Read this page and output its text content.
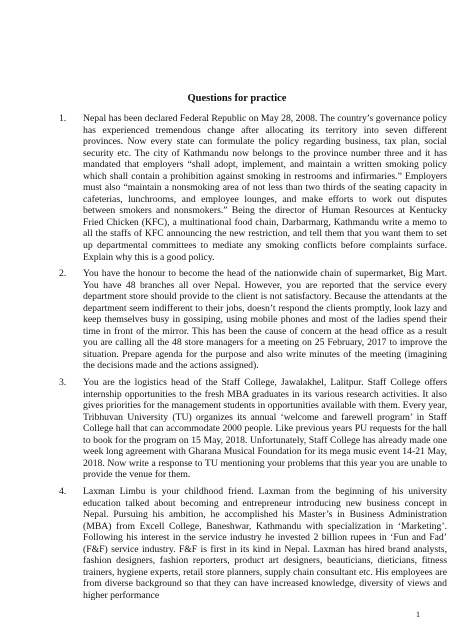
Questions for practice
1.	Nepal has been declared Federal Republic on May 28, 2008. The country’s governance policy has experienced tremendous change after allocating its territory into seven different provinces. Now every state can formulate the policy regarding business, tax plan, social security etc. The city of Kathmandu now belongs to the province number three and it has mandated that employers “shall adopt, implement, and maintain a written smoking policy which shall contain a prohibition against smoking in restrooms and infirmaries.” Employers must also “maintain a nonsmoking area of not less than two thirds of the seating capacity in cafeterias, lunchrooms, and employee lounges, and make efforts to work out disputes between smokers and nonsmokers.” Being the director of Human Resources at Kentucky Fried Chicken (KFC), a multinational food chain, Darbarmarg, Kathmandu write a memo to all the staffs of KFC announcing the new restriction, and tell them that you want them to set up departmental committees to mediate any smoking conflicts before complaints surface. Explain why this is a good policy.
2.	You have the honour to become the head of the nationwide chain of supermarket, Big Mart. You have 48 branches all over Nepal. However, you are reported that the service every department store should provide to the client is not satisfactory. Because the attendants at the department seem indifferent to their jobs, doesn’t respond the clients promptly, look lazy and keep themselves busy in gossiping, using mobile phones and most of the ladies spend their time in front of the mirror. This has been the cause of concern at the head office as a result you are calling all the 48 store managers for a meeting on 25 February, 2017 to improve the situation. Prepare agenda for the purpose and also write minutes of the meeting (imagining the decisions made and the actions assigned).
3.	You are the logistics head of the Staff College, Jawalakhel, Lalitpur. Staff College offers internship opportunities to the fresh MBA graduates in its various research activities. It also gives priorities for the management students in opportunities available with them. Every year, Tribhuvan University (TU) organizes its annual ‘welcome and farewell program’ in Staff College hall that can accommodate 2000 people. Like previous years PU requests for the hall to book for the program on 15 May, 2018. Unfortunately, Staff College has already made one week long agreement with Gharana Musical Foundation for its mega music event 14-21 May, 2018. Now write a response to TU mentioning your problems that this year you are unable to provide the venue for them.
4.	Laxman Limbu is your childhood friend. Laxman from the beginning of his university education talked about becoming and entrepreneur introducing new business concept in Nepal. Pursuing his ambition, he accomplished his Master’s in Business Administration (MBA) from Excell College, Baneshwar, Kathmandu with specialization in ‘Marketing’. Following his interest in the service industry he invested 2 billion rupees in ‘Fun and Fad’ (F&F) service industry. F&F is first in its kind in Nepal. Laxman has hired brand analysts, fashion designers, fashion reporters, product art designers, beauticians, dieticians, fitness trainers, hygiene experts, retail store planners, supply chain consultant etc. His employees are from diverse background so that they can have increased knowledge, diversity of views and higher performance
1
